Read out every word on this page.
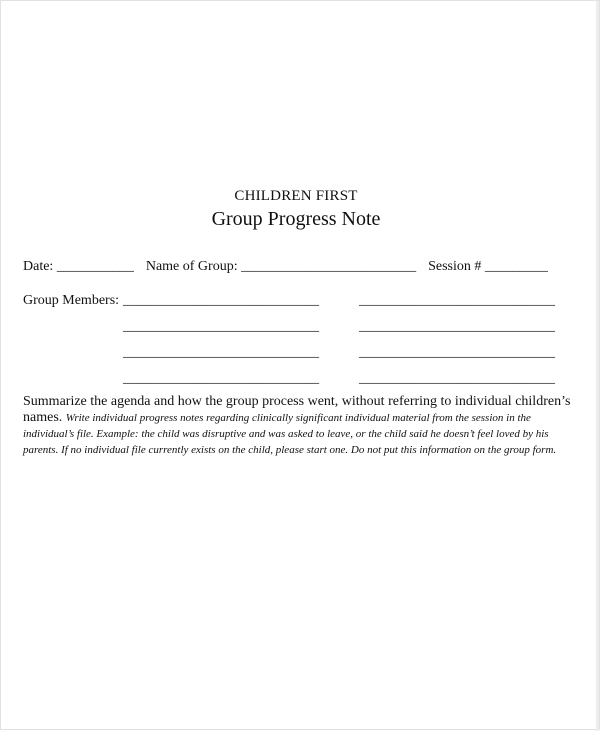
CHILDREN FIRST
Group Progress Note
Date: ___________ Name of Group: _________________________ Session # _________
Group Members: ____________________________	____________________________
____________________________	____________________________
____________________________	____________________________
____________________________	____________________________
Summarize the agenda and how the group process went, without referring to individual children’s names. Write individual progress notes regarding clinically significant individual material from the session in the individual’s file. Example: the child was disruptive and was asked to leave, or the child said he doesn’t feel loved by his parents. If no individual file currently exists on the child, please start one. Do not put this information on the group form.
